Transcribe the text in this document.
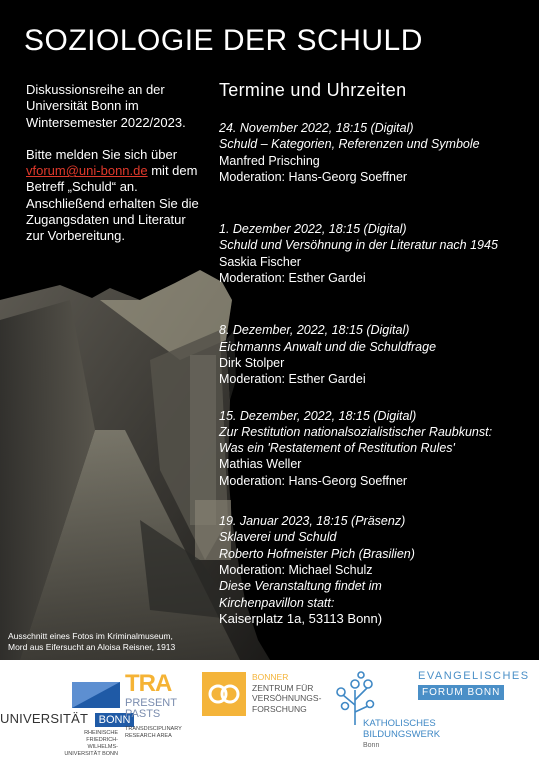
SOZIOLOGIE DER SCHULD

Diskussionsreihe an der Universität Bonn im Wintersemester 2022/2023.

Bitte melden Sie sich über vforum@uni-bonn.de mit dem Betreff „Schuld“ an. Anschließend erhalten Sie die Zugangsdaten und Literatur zur Vorbereitung.

Termine und Uhrzeiten
24. November 2022, 18:15 (Digital)
Schuld – Kategorien, Referenzen und Symbole
Manfred Prisching
Moderation: Hans-Georg Soeffner
1. Dezember 2022, 18:15 (Digital)
Schuld und Versöhnung in der Literatur nach 1945
Saskia Fischer
Moderation: Esther Gardei
8. Dezember, 2022, 18:15 (Digital)
Eichmanns Anwalt und die Schuldfrage
Dirk Stolper
Moderation: Esther Gardei
15. Dezember, 2022, 18:15 (Digital)
Zur Restitution nationalsozialistischer Raubkunst:
Was ein 'Restatement of Restitution Rules'
Mathias Weller
Moderation: Hans-Georg Soeffner
19. Januar 2023, 18:15 (Präsenz)
Sklaverei und Schuld
Roberto Hofmeister Pich (Brasilien)
Moderation: Michael Schulz
Diese Veranstaltung findet im
Kirchenpavillon statt:
Kaiserplatz 1a, 53113 Bonn)
Ausschnitt eines Fotos im Kriminalmuseum,
Mord aus Eifersucht an Aloisa Reisner, 1913
UNIVERSITÄT BONN
RHEINISCHE
FRIEDRICH-WILHELMS-
UNIVERSITÄT BONN
TRA
PRESENT
PASTS
TRANSDISCIPLINARY
RESEARCH AREA
BONNER
ZENTRUM FÜR
VERSÖHNUNGS-
FORSCHUNG
KATHOLISCHES
BILDUNGSWERK
Bonn
EVANGELISCHES
FORUM BONN
